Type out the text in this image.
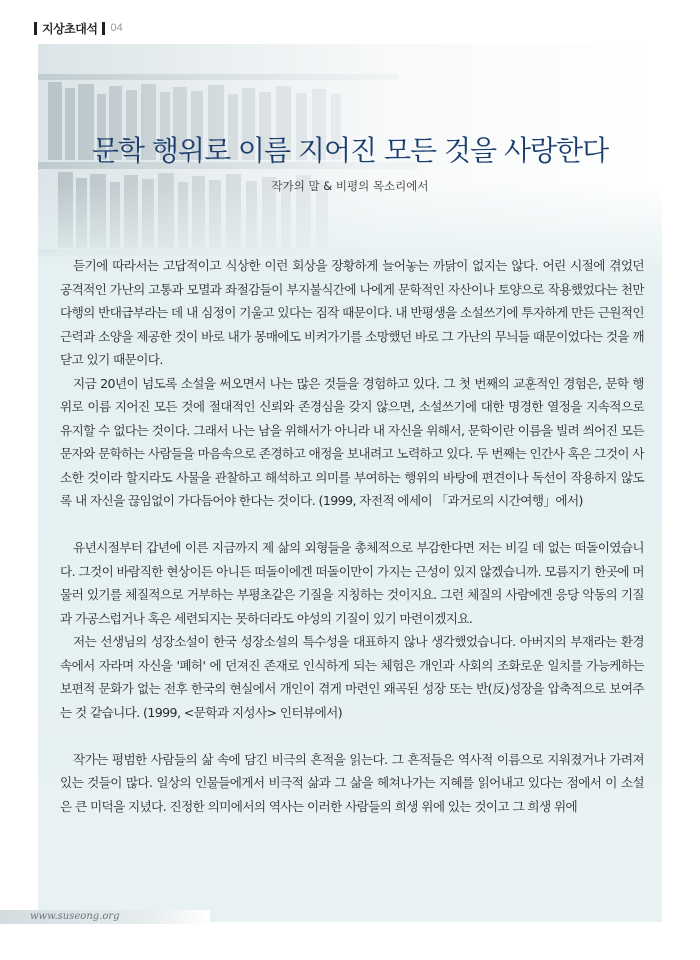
지상초대석 04
문학 행위로 이름 지어진 모든 것을 사랑한다
작가의 말 & 비평의 목소리에서

듣기에 따라서는 고답적이고 식상한 이런 회상을 장황하게 늘어놓는 까닭이 없지는 않다. 어린 시절에 겪었던 공격적인 가난의 고통과 모멸과 좌절감들이 부지불식간에 나에게 문학적인 자산이나 토양으로 작용했었다는 천만다행의 반대급부라는 데 내 심정이 기울고 있다는 짐작 때문이다. 내 반평생을 소설쓰기에 투자하게 만든 근원적인 근력과 소양을 제공한 것이 바로 내가 몽매에도 비켜가기를 소망했던 바로 그 가난의 무늬들 때문이었다는 것을 깨닫고 있기 때문이다.

지금 20년이 넘도록 소설을 써오면서 나는 많은 것들을 경험하고 있다. 그 첫 번째의 교훈적인 경험은, 문학 행위로 이름 지어진 모든 것에 절대적인 신뢰와 존경심을 갖지 않으면, 소설쓰기에 대한 명경한 열정을 지속적으로 유지할 수 없다는 것이다. 그래서 나는 남을 위해서가 아니라 내 자신을 위해서, 문학이란 이름을 빌려 씌어진 모든 문자와 문학하는 사람들을 마음속으로 존경하고 애정을 보내려고 노력하고 있다. 두 번째는 인간사 혹은 그것이 사소한 것이라 할지라도 사물을 관찰하고 해석하고 의미를 부여하는 행위의 바탕에 편견이나 독선이 작용하지 않도록 내 자신을 끊임없이 가다듬어야 한다는 것이다. (1999, 자전적 에세이 「과거로의 시간여행」에서)

유년시절부터 갑년에 이른 지금까지 제 삶의 외형들을 총체적으로 부감한다면 저는 비길 데 없는 떠돌이였습니다. 그것이 바람직한 현상이든 아니든 떠돌이에겐 떠돌이만이 가지는 근성이 있지 않겠습니까. 모름지기 한곳에 머물러 있기를 체질적으로 거부하는 부평초같은 기질을 지칭하는 것이지요. 그런 체질의 사람에겐 응당 악동의 기질과 가공스럽거나 혹은 세련되지는 못하더라도 야성의 기질이 있기 마련이겠지요.

저는 선생님의 성장소설이 한국 성장소설의 특수성을 대표하지 않나 생각했었습니다. 아버지의 부재라는 환경 속에서 자라며 자신을 '폐허' 에 던져진 존재로 인식하게 되는 체험은 개인과 사회의 조화로운 일치를 가능케하는 보편적 문화가 없는 전후 한국의 현실에서 개인이 겪게 마련인 왜곡된 성장 또는 반(反)성장을 압축적으로 보여주는 것 같습니다. (1999, <문학과 지성사> 인터뷰에서)

작가는 평범한 사람들의 삶 속에 담긴 비극의 흔적을 읽는다. 그 흔적들은 역사적 이름으로 지워졌거나 가려져 있는 것들이 많다. 일상의 인물들에게서 비극적 삶과 그 삶을 헤쳐나가는 지혜를 읽어내고 있다는 점에서 이 소설은 큰 미덕을 지녔다. 진정한 의미에서의 역사는 이러한 사람들의 희생 위에 있는 것이고 그 희생 위에

www.suseong.org
